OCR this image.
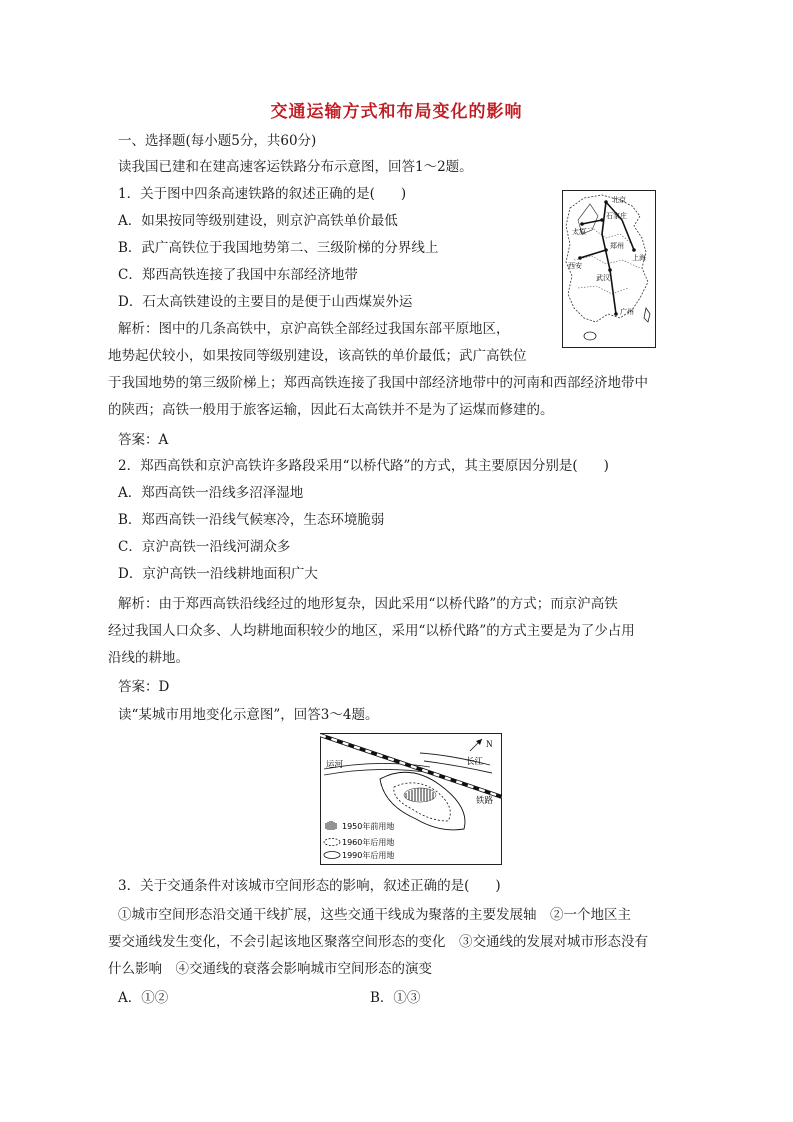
交通运输方式和布局变化的影响
一、选择题(每小题5分，共60分)
读我国已建和在建高速客运铁路分布示意图，回答1～2题。
1．关于图中四条高速铁路的叙述正确的是( )
A．如果按同等级别建设，则京沪高铁单价最低
B．武广高铁位于我国地势第二、三级阶梯的分界线上
C．郑西高铁连接了我国中东部经济地带
D．石太高铁建设的主要目的是便于山西煤炭外运
解析：图中的几条高铁中，京沪高铁全部经过我国东部平原地区，
地势起伏较小，如果按同等级别建设，该高铁的单价最低；武广高铁位
于我国地势的第三级阶梯上；郑西高铁连接了我国中部经济地带中的河南和西部经济地带中
的陕西；高铁一般用于旅客运输，因此石太高铁并不是为了运煤而修建的。
答案：A
2．郑西高铁和京沪高铁许多路段采用“以桥代路”的方式，其主要原因分别是( )
A．郑西高铁一沿线多沼泽湿地
B．郑西高铁一沿线气候寒冷，生态环境脆弱
C．京沪高铁一沿线河湖众多
D．京沪高铁一沿线耕地面积广大
解析：由于郑西高铁沿线经过的地形复杂，因此采用“以桥代路”的方式；而京沪高铁
经过我国人口众多、人均耕地面积较少的地区，采用“以桥代路”的方式主要是为了少占用
沿线的耕地。
答案：D
读“某城市用地变化示意图”，回答3～4题。
3．关于交通条件对该城市空间形态的影响，叙述正确的是( )
①城市空间形态沿交通干线扩展，这些交通干线成为聚落的主要发展轴　②一个地区主
要交通线发生变化，不会引起该地区聚落空间形态的变化　③交通线的发展对城市形态没有
什么影响　④交通线的衰落会影响城市空间形态的演变
A．①②	B．①③
北京
石家庄
太原
郑州
西安
武汉
上海
广州
N
长江
运河
铁路
1950年前用地
1960年后用地
1990年后用地
